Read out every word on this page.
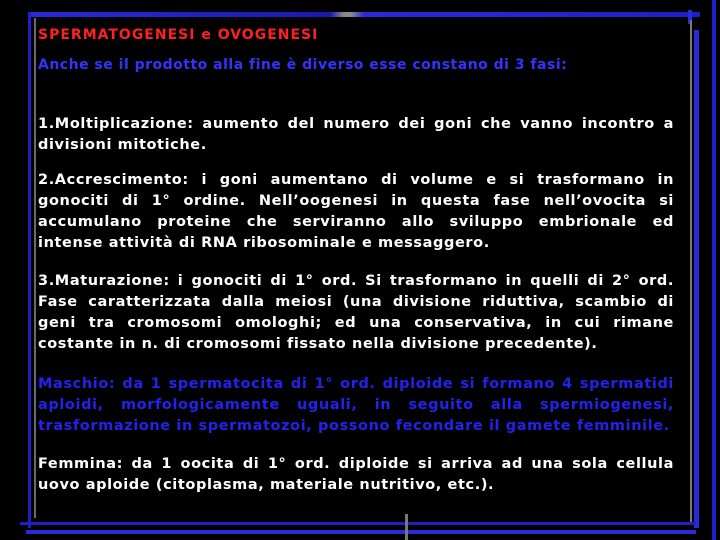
SPERMATOGENESI e OVOGENESI
Anche se il prodotto alla fine è diverso esse constano di 3 fasi:

1.Moltiplicazione: aumento del numero dei goni che vanno incontro a divisioni mitotiche.

2.Accrescimento: i goni aumentano di volume e si trasformano in gonociti di 1° ordine. Nell’oogenesi in questa fase nell’ovocita si accumulano proteine che serviranno allo sviluppo embrionale ed intense attività di RNA ribosominale e messaggero.

3.Maturazione: i gonociti di 1° ord. Si trasformano in quelli di 2° ord. Fase caratterizzata dalla meiosi (una divisione riduttiva, scambio di geni tra cromosomi omologhi; ed una conservativa, in cui rimane costante in n. di cromosomi fissato nella divisione precedente).

Maschio: da 1 spermatocita di 1° ord. diploide si formano 4 spermatidi aploidi, morfologicamente uguali, in seguito alla spermiogenesi, trasformazione in spermatozoi, possono fecondare il gamete femminile.

Femmina: da 1 oocita di 1° ord. diploide si arriva ad una sola cellula uovo aploide (citoplasma, materiale nutritivo, etc.).
